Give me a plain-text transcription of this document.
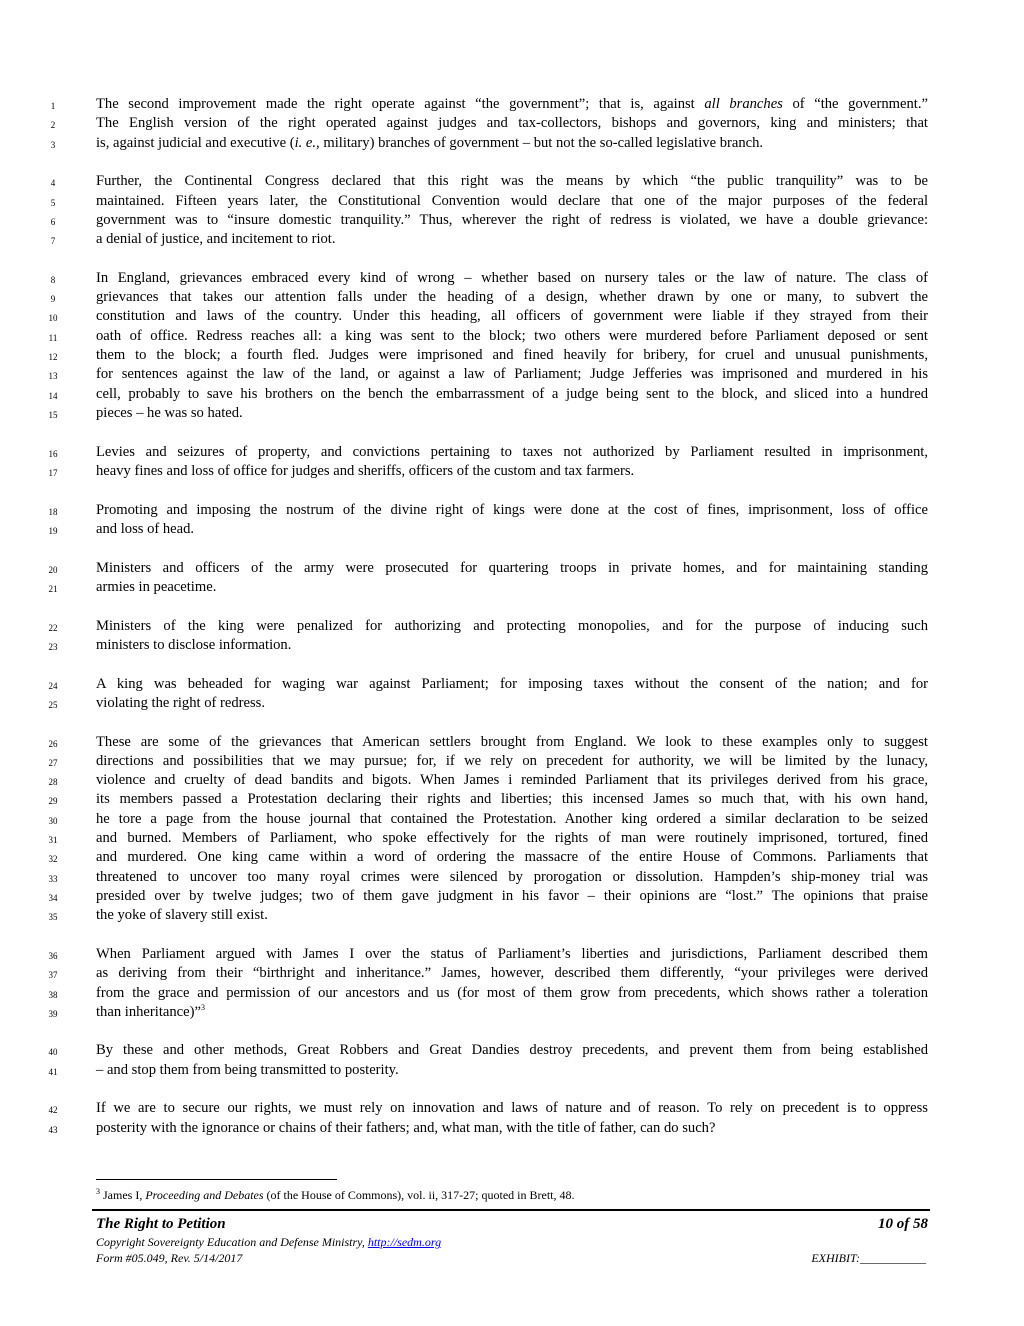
1	The second improvement made the right operate against “the government”; that is, against all branches of “the government.”
2	The English version of the right operated against judges and tax-collectors, bishops and governors, king and ministers; that
3	is, against judicial and executive (i. e., military) branches of government – but not the so-called legislative branch.
4	Further, the Continental Congress declared that this right was the means by which “the public tranquility” was to be
5	maintained. Fifteen years later, the Constitutional Convention would declare that one of the major purposes of the federal
6	government was to “insure domestic tranquility.” Thus, wherever the right of redress is violated, we have a double grievance:
7	a denial of justice, and incitement to riot.
8	In England, grievances embraced every kind of wrong – whether based on nursery tales or the law of nature. The class of
9	grievances that takes our attention falls under the heading of a design, whether drawn by one or many, to subvert the
10	constitution and laws of the country. Under this heading, all officers of government were liable if they strayed from their
11	oath of office. Redress reaches all: a king was sent to the block; two others were murdered before Parliament deposed or sent
12	them to the block; a fourth fled. Judges were imprisoned and fined heavily for bribery, for cruel and unusual punishments,
13	for sentences against the law of the land, or against a law of Parliament; Judge Jefferies was imprisoned and murdered in his
14	cell, probably to save his brothers on the bench the embarrassment of a judge being sent to the block, and sliced into a hundred
15	pieces – he was so hated.
16	Levies and seizures of property, and convictions pertaining to taxes not authorized by Parliament resulted in imprisonment,
17	heavy fines and loss of office for judges and sheriffs, officers of the custom and tax farmers.
18	Promoting and imposing the nostrum of the divine right of kings were done at the cost of fines, imprisonment, loss of office
19	and loss of head.
20	Ministers and officers of the army were prosecuted for quartering troops in private homes, and for maintaining standing
21	armies in peacetime.
22	Ministers of the king were penalized for authorizing and protecting monopolies, and for the purpose of inducing such
23	ministers to disclose information.
24	A king was beheaded for waging war against Parliament; for imposing taxes without the consent of the nation; and for
25	violating the right of redress.
26	These are some of the grievances that American settlers brought from England. We look to these examples only to suggest
27	directions and possibilities that we may pursue; for, if we rely on precedent for authority, we will be limited by the lunacy,
28	violence and cruelty of dead bandits and bigots. When James i reminded Parliament that its privileges derived from his grace,
29	its members passed a Protestation declaring their rights and liberties; this incensed James so much that, with his own hand,
30	he tore a page from the house journal that contained the Protestation. Another king ordered a similar declaration to be seized
31	and burned. Members of Parliament, who spoke effectively for the rights of man were routinely imprisoned, tortured, fined
32	and murdered. One king came within a word of ordering the massacre of the entire House of Commons. Parliaments that
33	threatened to uncover too many royal crimes were silenced by prorogation or dissolution. Hampden’s ship-money trial was
34	presided over by twelve judges; two of them gave judgment in his favor – their opinions are “lost.” The opinions that praise
35	the yoke of slavery still exist.
36	When Parliament argued with James I over the status of Parliament’s liberties and jurisdictions, Parliament described them
37	as deriving from their “birthright and inheritance.” James, however, described them differently, “your privileges were derived
38	from the grace and permission of our ancestors and us (for most of them grow from precedents, which shows rather a toleration
39	than inheritance)”$^3$
40	By these and other methods, Great Robbers and Great Dandies destroy precedents, and prevent them from being established
41	– and stop them from being transmitted to posterity.
42	If we are to secure our rights, we must rely on innovation and laws of nature and of reason. To rely on precedent is to oppress
43	posterity with the ignorance or chains of their fathers; and, what man, with the title of father, can do such?
$^3$ James I, Proceeding and Debates (of the House of Commons), vol. ii, 317-27; quoted in Brett, 48.
The Right to Petition	10 of 58
Copyright Sovereignty Education and Defense Ministry, http://sedm.org
Form #05.049, Rev. 5/14/2017	EXHIBIT:___________
